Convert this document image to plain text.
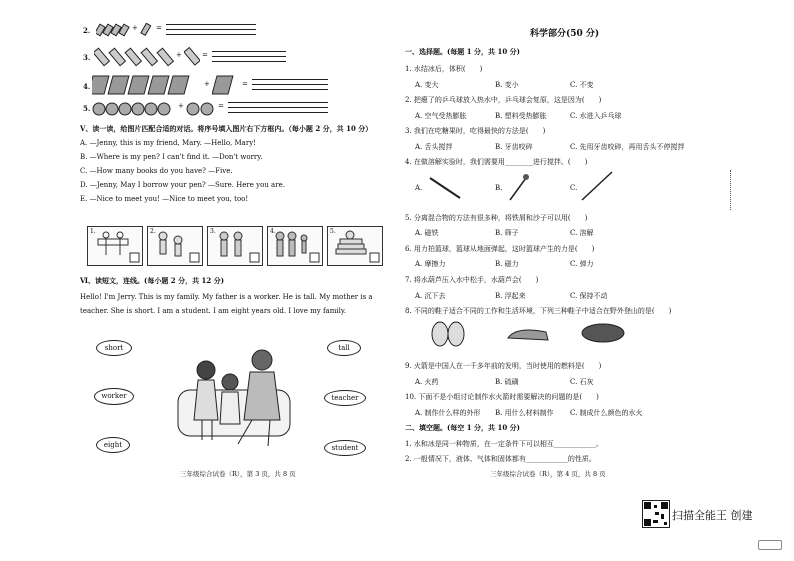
2.	+	=
3.	+	=
4.	+	=
5.	+	=
Ⅴ、读一读，给图片匹配合适的对话。将序号填入图片右下方框内。（每小题 2 分，共 10 分）
A. —Jenny, this is my friend, Mary. —Hello, Mary!
B. —Where is my pen? I can't find it. —Don't worry.
C. —How many books do you have? —Five.
D. —Jenny, May I borrow your pen? —Sure. Here you are.
E. —Nice to meet you! —Nice to meet you, too!
1.	2.	3.	4.	5.
Ⅵ、读短文，连线。(每小题 2 分，共 12 分)
Hello! I'm Jerry. This is my family. My father is a worker. He is tall. My mother is a teacher. She is short. I am a student. I am eight years old. I love my family.
short
worker
eight
tall
teacher
student
三年级综合试卷（R），第 3 页，共 8 页
科学部分(50 分)
一、选择题。(每题 1 分，共 10 分)
1. 水结冰后，体积(　　)
A. 变大	B. 变小	C. 不变
2. 把瘪了的乒乓球放入热水中，乒乓球会复原，这是因为(　　)
A. 空气受热膨胀	B. 塑料受热膨胀	C. 水进入乒乓球
3. 我们在吃糖果时，吃得最快的方法是(　　)
A. 舌头搅拌	B. 牙齿咬碎	C. 先用牙齿咬碎，再用舌头不停搅拌
4. 在做溶解实验时，我们需要用________进行搅拌。(　　)
A.	B.	C.
5. 分离混合物的方法有很多种，将铁屑和沙子可以用(　　)
A. 磁铁	B. 筛子	C. 溶解
6. 用力拍篮球，篮球从地面弹起，这时篮球产生的力是(　　)
A. 摩擦力	B. 磁力	C. 弹力
7. 将水葫芦压入水中松手，水葫芦会(　　)
A. 沉下去	B. 浮起来	C. 保持不动
8. 不同的鞋子适合不同的工作和生活环境，下列三种鞋子中适合在野外登山的是(　　)
9. 火箭是中国人在一千多年前的发明，当时使用的燃料是(　　)
A. 火药	B. 硫磺	C. 石灰
10. 下面不是小组讨论制作水火箭时需要解决的问题的是(　　)
A. 制作什么样的外形 B. 用什么材料制作 C. 制成什么颜色的水火
二、填空题。(每空 1 分，共 10 分)
1. 水和冰是同一种物质，在一定条件下可以相互____________。
2. 一般情况下，液体、气体和固体都有____________的性质。
三年级综合试卷（R），第 4 页，共 8 页
扫描全能王 创建
